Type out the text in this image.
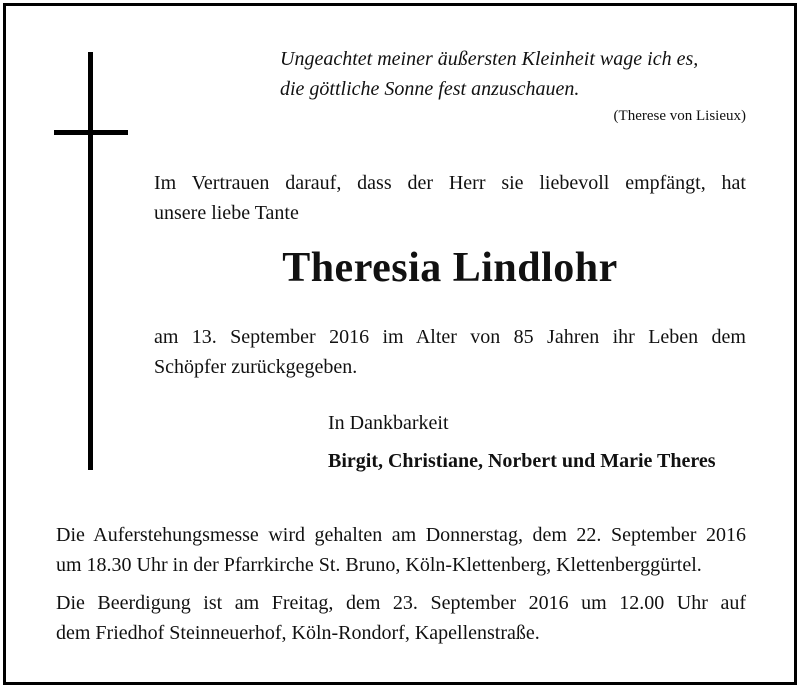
Ungeachtet meiner äußersten Kleinheit wage ich es,
die göttliche Sonne fest anzuschauen.
(Therese von Lisieux)
Im Vertrauen darauf, dass der Herr sie liebevoll empfängt, hat
unsere liebe Tante
Theresia Lindlohr
am 13. September 2016 im Alter von 85 Jahren ihr Leben dem
Schöpfer zurückgegeben.
In Dankbarkeit
Birgit, Christiane, Norbert und Marie Theres
Die Auferstehungsmesse wird gehalten am Donnerstag, dem 22. September 2016
um 18.30 Uhr in der Pfarrkirche St. Bruno, Köln-Klettenberg, Klettenberggürtel.
Die Beerdigung ist am Freitag, dem 23. September 2016 um 12.00 Uhr auf
dem Friedhof Steinneuerhof, Köln-Rondorf, Kapellenstraße.
